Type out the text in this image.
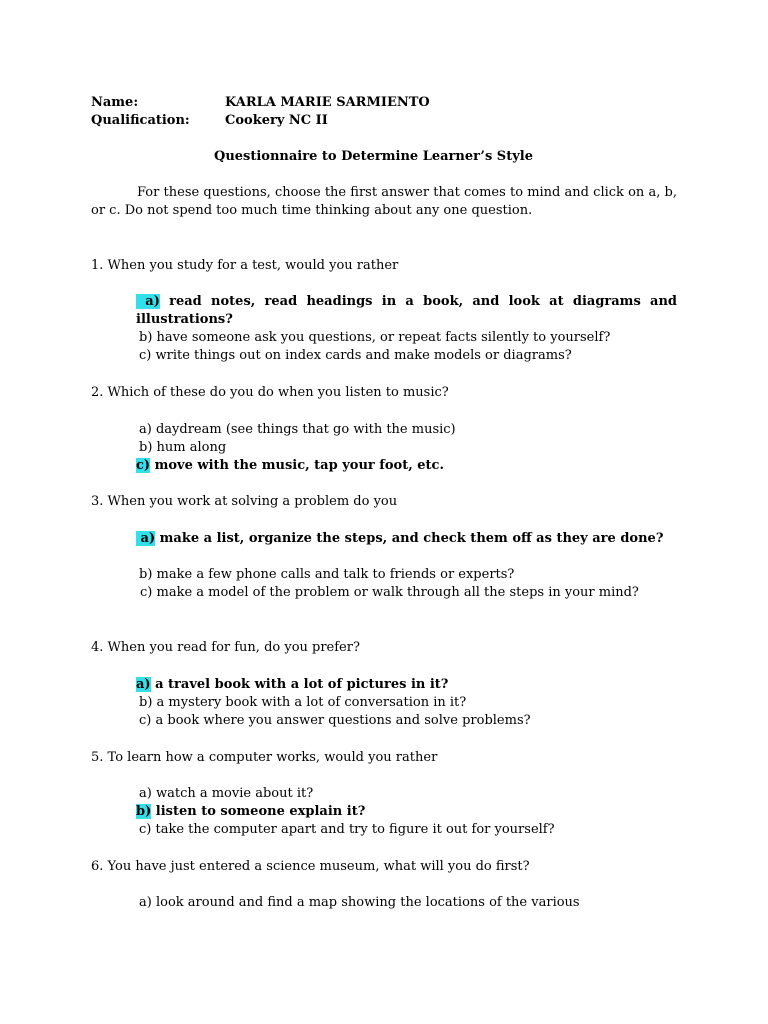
Name:	KARLA MARIE SARMIENTO
Qualification:	Cookery NC II
Questionnaire to Determine Learner’s Style
For these questions, choose the first answer that comes to mind and click on a, b, or c. Do not spend too much time thinking about any one question.
1. When you study for a test, would you rather
a) read notes, read headings in a book, and look at diagrams and illustrations?
b) have someone ask you questions, or repeat facts silently to yourself?
c) write things out on index cards and make models or diagrams?
2. Which of these do you do when you listen to music?
a) daydream (see things that go with the music)
b) hum along
c) move with the music, tap your foot, etc.
3. When you work at solving a problem do you
a) make a list, organize the steps, and check them off as they are done?
b) make a few phone calls and talk to friends or experts?
c) make a model of the problem or walk through all the steps in your mind?
4. When you read for fun, do you prefer?
a) a travel book with a lot of pictures in it?
b) a mystery book with a lot of conversation in it?
c) a book where you answer questions and solve problems?
5. To learn how a computer works, would you rather
a) watch a movie about it?
b) listen to someone explain it?
c) take the computer apart and try to figure it out for yourself?
6. You have just entered a science museum, what will you do first?
a) look around and find a map showing the locations of the various
